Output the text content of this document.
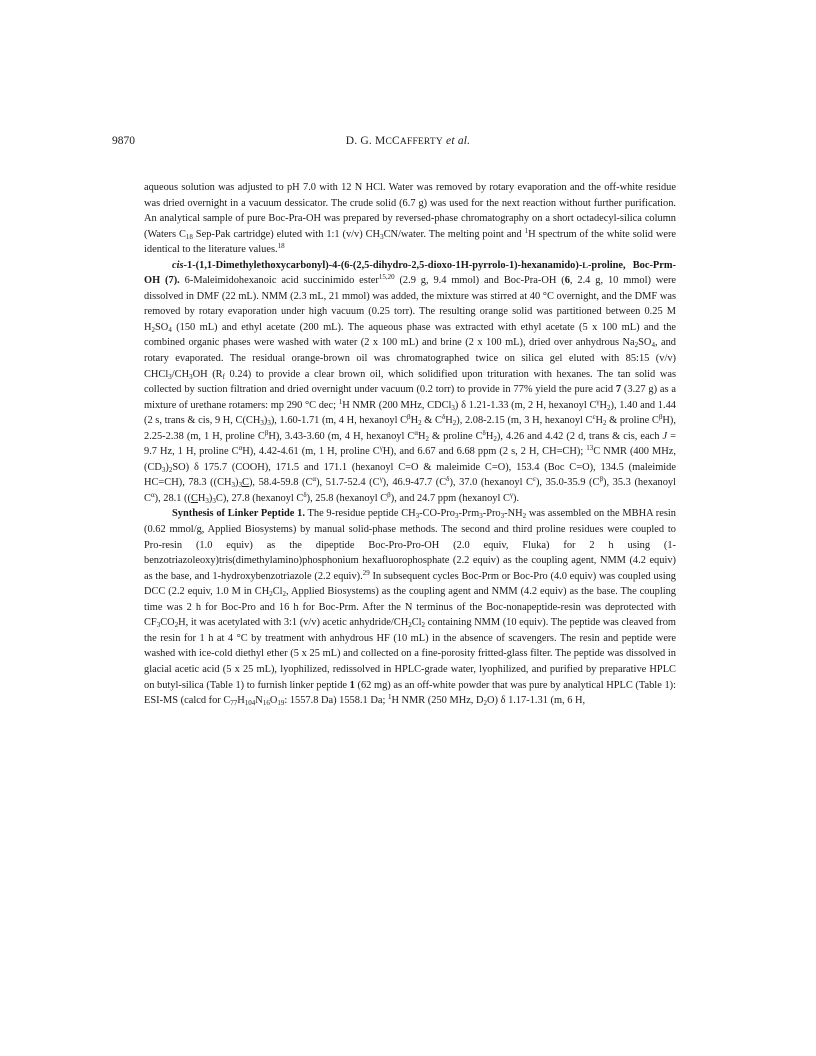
9870	D. G. MCCAFFERTY et al.

aqueous solution was adjusted to pH 7.0 with 12 N HCl. Water was removed by rotary evaporation and the off-white residue was dried overnight in a vacuum dessicator. The crude solid (6.7 g) was used for the next reaction without further purification. An analytical sample of pure Boc-Pra-OH was prepared by reversed-phase chromatography on a short octadecyl-silica column (Waters $C_{18}$ Sep-Pak cartridge) eluted with 1:1 (v/v) $CH_3CN$/water. The melting point and $^1$H spectrum of the white solid were identical to the literature values.$^{18}$

cis-1-(1,1-Dimethylethoxycarbonyl)-4-(6-(2,5-dihydro-2,5-dioxo-1H-pyrrolo-1)-hexanamido)-L-proline, Boc-Prm-OH (7). 6-Maleimidohexanoic acid succinimido ester$^{15,20}$ (2.9 g, 9.4 mmol) and Boc-Pra-OH (6, 2.4 g, 10 mmol) were dissolved in DMF (22 mL). NMM (2.3 mL, 21 mmol) was added, the mixture was stirred at 40 °C overnight, and the DMF was removed by rotary evaporation under high vacuum (0.25 torr). The resulting orange solid was partitioned between 0.25 M $H_2SO_4$ (150 mL) and ethyl acetate (200 mL). The aqueous phase was extracted with ethyl acetate (5 x 100 mL) and the combined organic phases were washed with water (2 x 100 mL) and brine (2 x 100 mL), dried over anhydrous $Na_2SO_4$, and rotary evaporated. The residual orange-brown oil was chromatographed twice on silica gel eluted with 85:15 (v/v) $CHCl_3/CH_3OH$ ($R_f$ 0.24) to provide a clear brown oil, which solidified upon trituration with hexanes. The tan solid was collected by suction filtration and dried overnight under vacuum (0.2 torr) to provide in 77% yield the pure acid 7 (3.27 g) as a mixture of urethane rotamers: mp 290 °C dec; $^1$H NMR (200 MHz, CDCl$_3$) δ 1.21-1.33 (m, 2 H, hexanoyl $C^\gamma H_2$), 1.40 and 1.44 (2 s, trans & cis, 9 H, $C(CH_3)_3$), 1.60-1.71 (m, 4 H, hexanoyl $C^\beta H_2$ & $C^\delta H_2$), 2.08-2.15 (m, 3 H, hexanoyl $C^\varepsilon H_2$ & proline $C^\beta H$), 2.25-2.38 (m, 1 H, proline $C^\beta H$), 3.43-3.60 (m, 4 H, hexanoyl $C^\alpha H_2$ & proline $C^\delta H_2$), 4.26 and 4.42 (2 d, trans & cis, each J = 9.7 Hz, 1 H, proline $C^\alpha H$), 4.42-4.61 (m, 1 H, proline $C^\gamma H$), and 6.67 and 6.68 ppm (2 s, 2 H, CH=CH); $^{13}$C NMR (400 MHz, $(CD_3)_2SO$) δ 175.7 (COOH), 171.5 and 171.1 (hexanoyl C=O & maleimide C=O), 153.4 (Boc C=O), 134.5 (maleimide HC=CH), 78.3 $((CH_3)_3C)$, 58.4-59.8 $(C^\alpha)$, 51.7-52.4 $(C^\gamma)$, 46.9-47.7 $(C^\delta)$, 37.0 (hexanoyl $C^\varepsilon$), 35.0-35.9 $(C^\beta)$, 35.3 (hexanoyl $C^\alpha$), 28.1 $((CH_3)_3C)$, 27.8 (hexanoyl $C^\delta$), 25.8 (hexanoyl $C^\beta$), and 24.7 ppm (hexanoyl $C^\gamma$).

Synthesis of Linker Peptide 1. The 9-residue peptide $CH_3-CO-Pro_3-Prm_3-Pro_3-NH_2$ was assembled on the MBHA resin (0.62 mmol/g, Applied Biosystems) by manual solid-phase methods. The second and third proline residues were coupled to Pro-resin (1.0 equiv) as the dipeptide Boc-Pro-Pro-OH (2.0 equiv, Fluka) for 2 h using (1-benzotriazoleoxy)tris(dimethylamino)phosphonium hexafluorophosphate (2.2 equiv) as the coupling agent, NMM (4.2 equiv) as the base, and 1-hydroxybenzotriazole (2.2 equiv).$^{29}$ In subsequent cycles Boc-Prm or Boc-Pro (4.0 equiv) was coupled using DCC (2.2 equiv, 1.0 M in $CH_2Cl_2$, Applied Biosystems) as the coupling agent and NMM (4.2 equiv) as the base. The coupling time was 2 h for Boc-Pro and 16 h for Boc-Prm. After the N terminus of the Boc-nonapeptide-resin was deprotected with $CF_3CO_2H$, it was acetylated with 3:1 (v/v) acetic anhydride/$CH_2Cl_2$ containing NMM (10 equiv). The peptide was cleaved from the resin for 1 h at 4 °C by treatment with anhydrous HF (10 mL) in the absence of scavengers. The resin and peptide were washed with ice-cold diethyl ether (5 x 25 mL) and collected on a fine-porosity fritted-glass filter. The peptide was dissolved in glacial acetic acid (5 x 25 mL), lyophilized, redissolved in HPLC-grade water, lyophilized, and purified by preparative HPLC on butyl-silica (Table 1) to furnish linker peptide 1 (62 mg) as an off-white powder that was pure by analytical HPLC (Table 1): ESI-MS (calcd for $C_{77}H_{104}N_{16}O_{19}$: 1557.8 Da) 1558.1 Da; $^1$H NMR (250 MHz, $D_2O$) δ 1.17-1.31 (m, 6 H,
